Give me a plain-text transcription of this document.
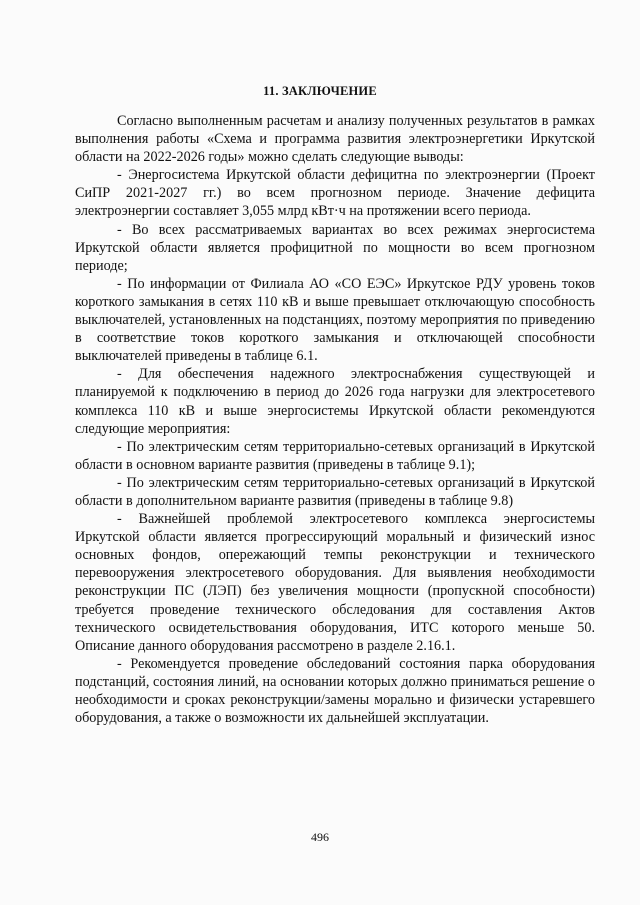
11. ЗАКЛЮЧЕНИЕ

Согласно выполненным расчетам и анализу полученных результатов в рамках выполнения работы «Схема и программа развития электроэнергетики Иркутской области на 2022-2026 годы» можно сделать следующие выводы:

- Энергосистема Иркутской области дефицитна по электроэнергии (Проект СиПР 2021-2027 гг.) во всем прогнозном периоде. Значение дефицита электроэнергии составляет 3,055 млрд кВт·ч на протяжении всего периода.

- Во всех рассматриваемых вариантах во всех режимах энергосистема Иркутской области является профицитной по мощности во всем прогнозном периоде;

- По информации от Филиала АО «СО ЕЭС» Иркутское РДУ уровень токов короткого замыкания в сетях 110 кВ и выше превышает отключающую способность выключателей, установленных на подстанциях, поэтому мероприятия по приведению в соответствие токов короткого замыкания и отключающей способности выключателей приведены в таблице 6.1.

- Для обеспечения надежного электроснабжения существующей и планируемой к подключению в период до 2026 года нагрузки для электросетевого комплекса 110 кВ и выше энергосистемы Иркутской области рекомендуются следующие мероприятия:

- По электрическим сетям территориально-сетевых организаций в Иркутской области в основном варианте развития (приведены в таблице 9.1);

- По электрическим сетям территориально-сетевых организаций в Иркутской области в дополнительном варианте развития (приведены в таблице 9.8)

- Важнейшей проблемой электросетевого комплекса энергосистемы Иркутской области является прогрессирующий моральный и физический износ основных фондов, опережающий темпы реконструкции и технического перевооружения электросетевого оборудования. Для выявления необходимости реконструкции ПС (ЛЭП) без увеличения мощности (пропускной способности) требуется проведение технического обследования для составления Актов технического освидетельствования оборудования, ИТС которого меньше 50. Описание данного оборудования рассмотрено в разделе 2.16.1.

- Рекомендуется проведение обследований состояния парка оборудования подстанций, состояния линий, на основании которых должно приниматься решение о необходимости и сроках реконструкции/замены морально и физически устаревшего оборудования, а также о возможности их дальнейшей эксплуатации.

496
